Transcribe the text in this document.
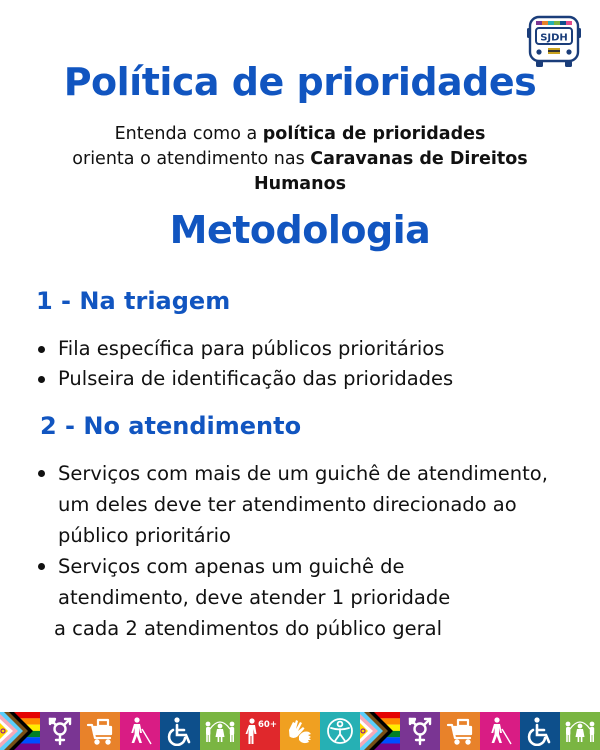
SJDH
Política de prioridades
Entenda como a política de prioridades
orienta o atendimento nas Caravanas de Direitos Humanos
Metodologia
1 - Na triagem
Fila específica para públicos prioritários
Pulseira de identificação das prioridades
2 - No atendimento
Serviços com mais de um guichê de atendimento, um deles deve ter atendimento direcionado ao público prioritário
Serviços com apenas um guichê de atendimento, deve atender 1 prioridade
a cada 2 atendimentos do público geral
60+
